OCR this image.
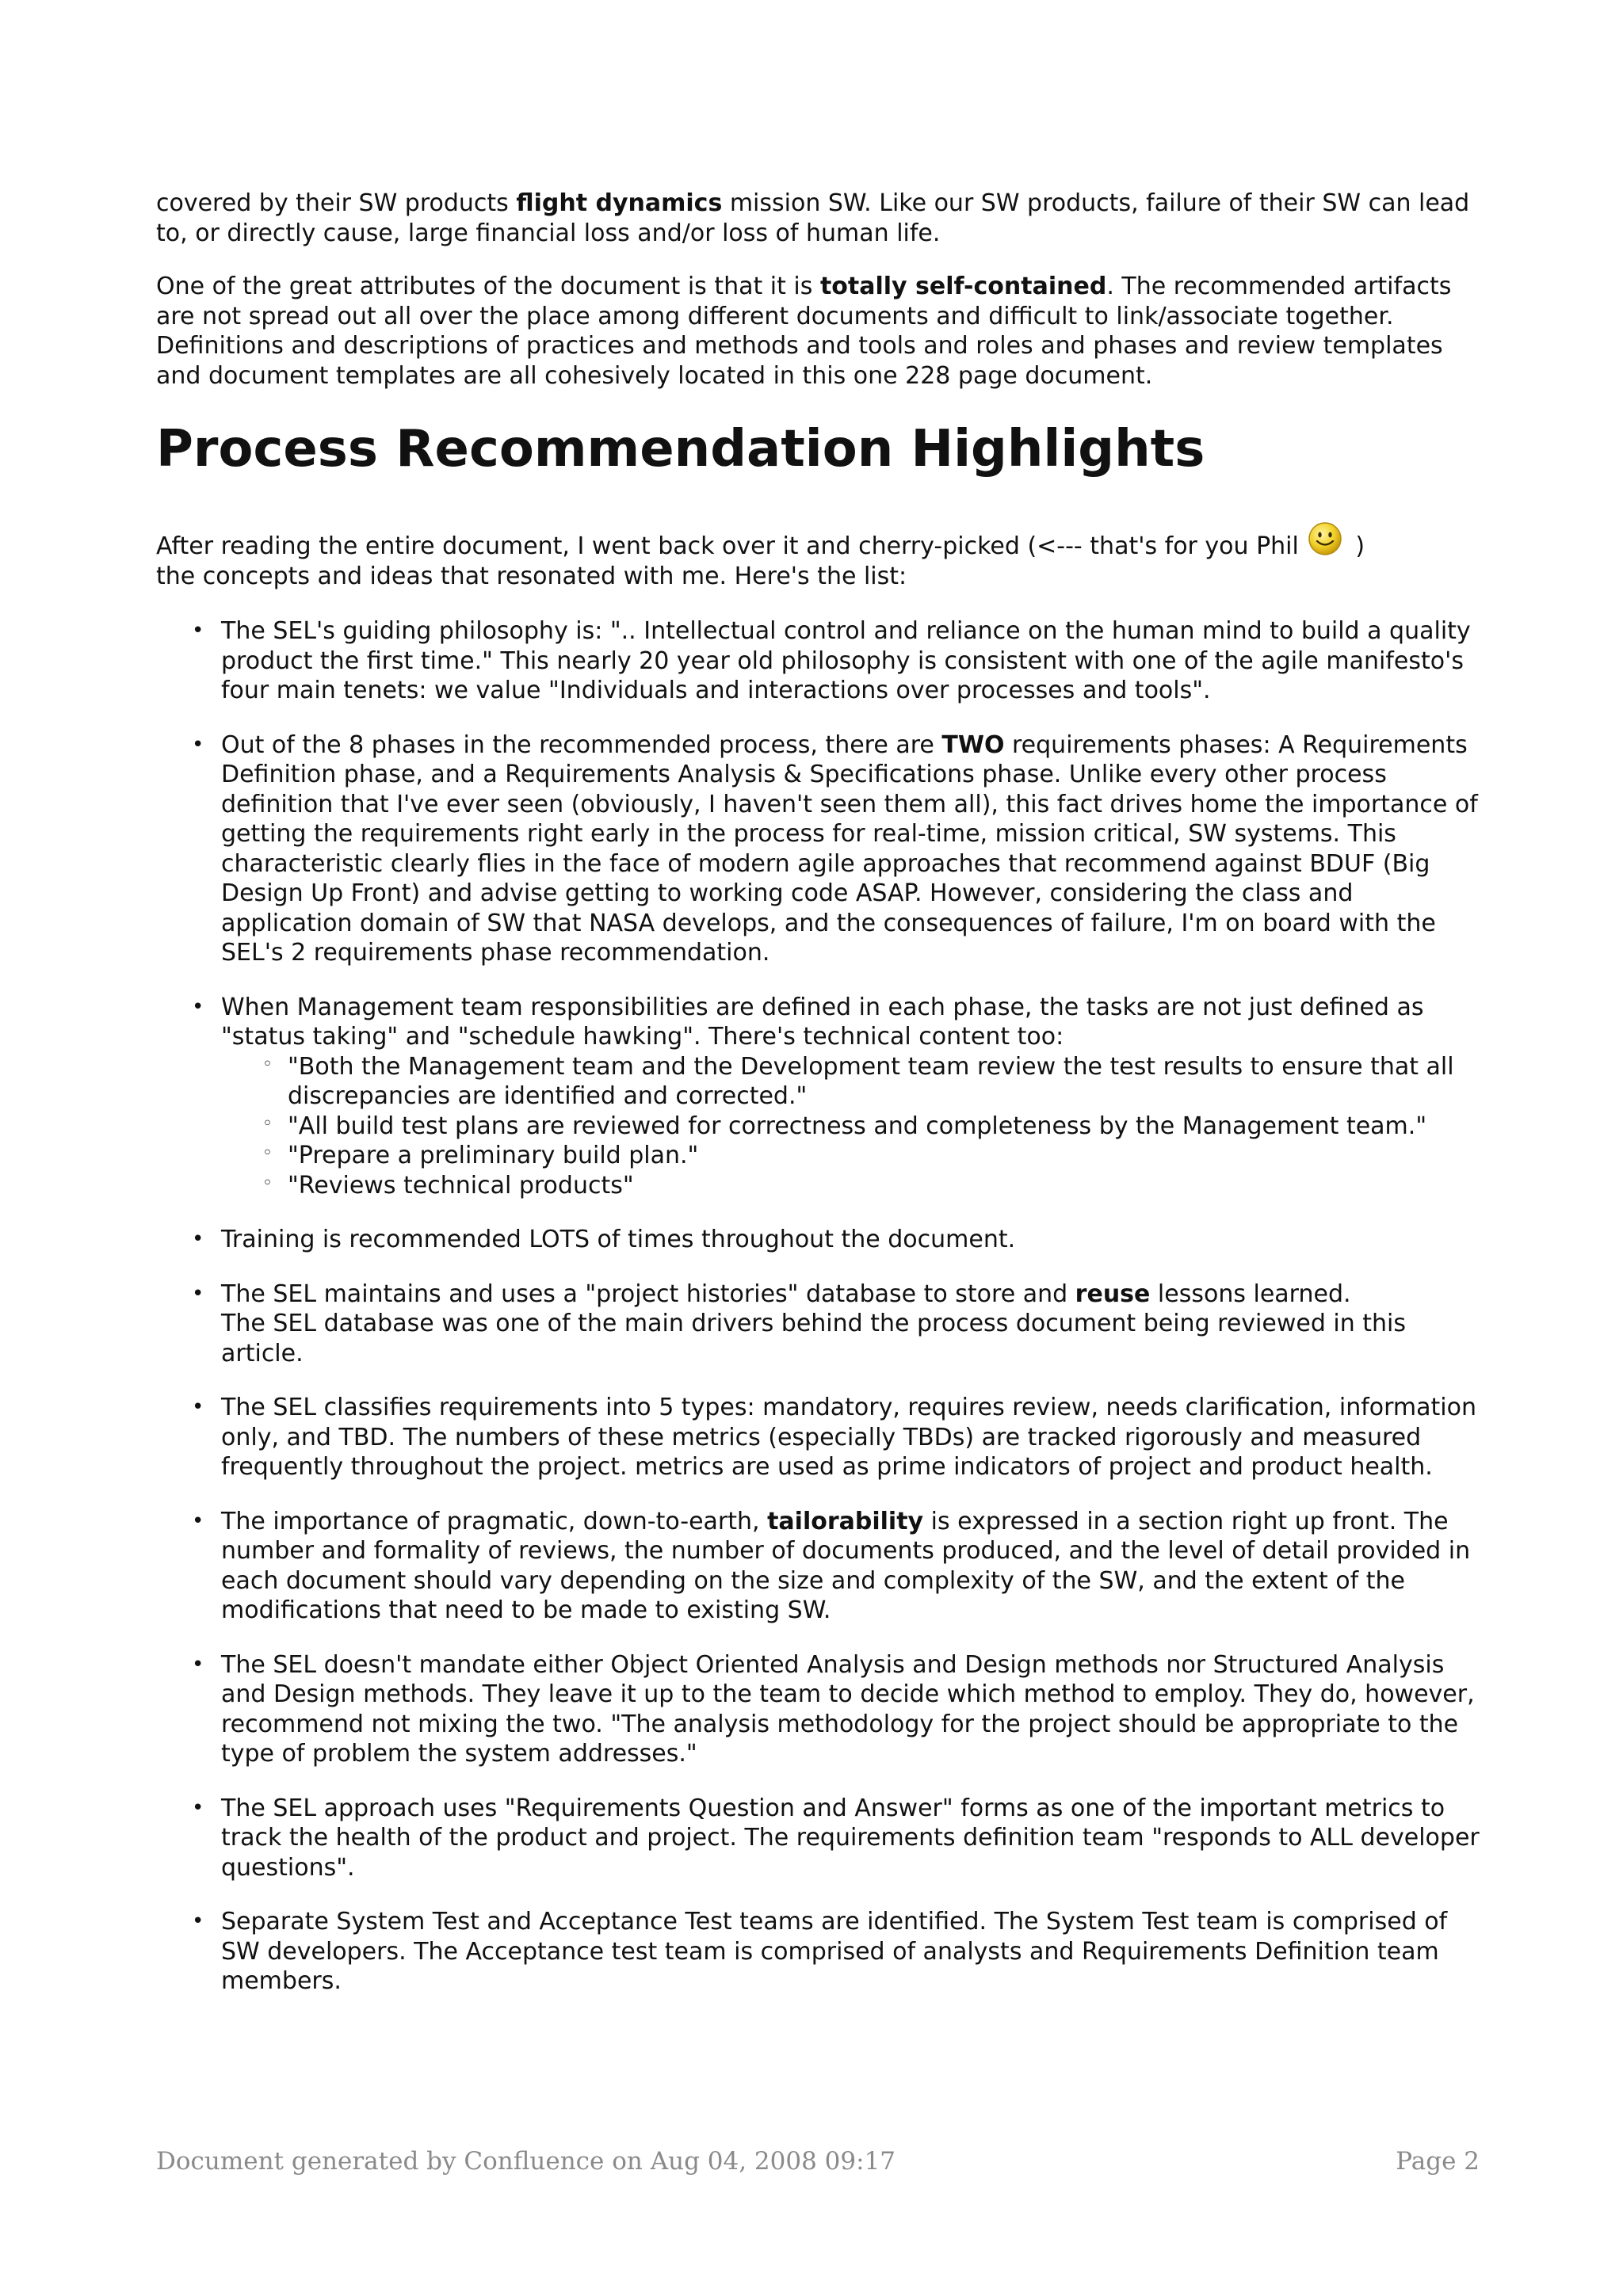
covered by their SW products flight dynamics mission SW. Like our SW products, failure of their SW can lead to, or directly cause, large financial loss and/or loss of human life.

One of the great attributes of the document is that it is totally self-contained. The recommended artifacts are not spread out all over the place among different documents and difficult to link/associate together. Definitions and descriptions of practices and methods and tools and roles and phases and review templates and document templates are all cohesively located in this one 228 page document.

Process Recommendation Highlights

After reading the entire document, I went back over it and cherry-picked (<--- that's for you Phil )
the concepts and ideas that resonated with me. Here's the list:

• The SEL's guiding philosophy is: ".. Intellectual control and reliance on the human mind to build a quality product the first time." This nearly 20 year old philosophy is consistent with one of the agile manifesto's four main tenets: we value "Individuals and interactions over processes and tools".
• Out of the 8 phases in the recommended process, there are TWO requirements phases: A Requirements Definition phase, and a Requirements Analysis & Specifications phase. Unlike every other process definition that I've ever seen (obviously, I haven't seen them all), this fact drives home the importance of getting the requirements right early in the process for real-time, mission critical, SW systems. This characteristic clearly flies in the face of modern agile approaches that recommend against BDUF (Big Design Up Front) and advise getting to working code ASAP. However, considering the class and application domain of SW that NASA develops, and the consequences of failure, I'm on board with the SEL's 2 requirements phase recommendation.
• When Management team responsibilities are defined in each phase, the tasks are not just defined as "status taking" and "schedule hawking". There's technical content too:
◦ "Both the Management team and the Development team review the test results to ensure that all discrepancies are identified and corrected."
◦ "All build test plans are reviewed for correctness and completeness by the Management team."
◦ "Prepare a preliminary build plan."
◦ "Reviews technical products"
• Training is recommended LOTS of times throughout the document.
• The SEL maintains and uses a "project histories" database to store and reuse lessons learned.
The SEL database was one of the main drivers behind the process document being reviewed in this article.
• The SEL classifies requirements into 5 types: mandatory, requires review, needs clarification, information only, and TBD. The numbers of these metrics (especially TBDs) are tracked rigorously and measured frequently throughout the project. metrics are used as prime indicators of project and product health.
• The importance of pragmatic, down-to-earth, tailorability is expressed in a section right up front. The number and formality of reviews, the number of documents produced, and the level of detail provided in each document should vary depending on the size and complexity of the SW, and the extent of the modifications that need to be made to existing SW.
• The SEL doesn't mandate either Object Oriented Analysis and Design methods nor Structured Analysis and Design methods. They leave it up to the team to decide which method to employ. They do, however, recommend not mixing the two. "The analysis methodology for the project should be appropriate to the type of problem the system addresses."
• The SEL approach uses "Requirements Question and Answer" forms as one of the important metrics to track the health of the product and project. The requirements definition team "responds to ALL developer questions".
• Separate System Test and Acceptance Test teams are identified. The System Test team is comprised of SW developers. The Acceptance test team is comprised of analysts and Requirements Definition team members.
Document generated by Confluence on Aug 04, 2008 09:17	Page 2
